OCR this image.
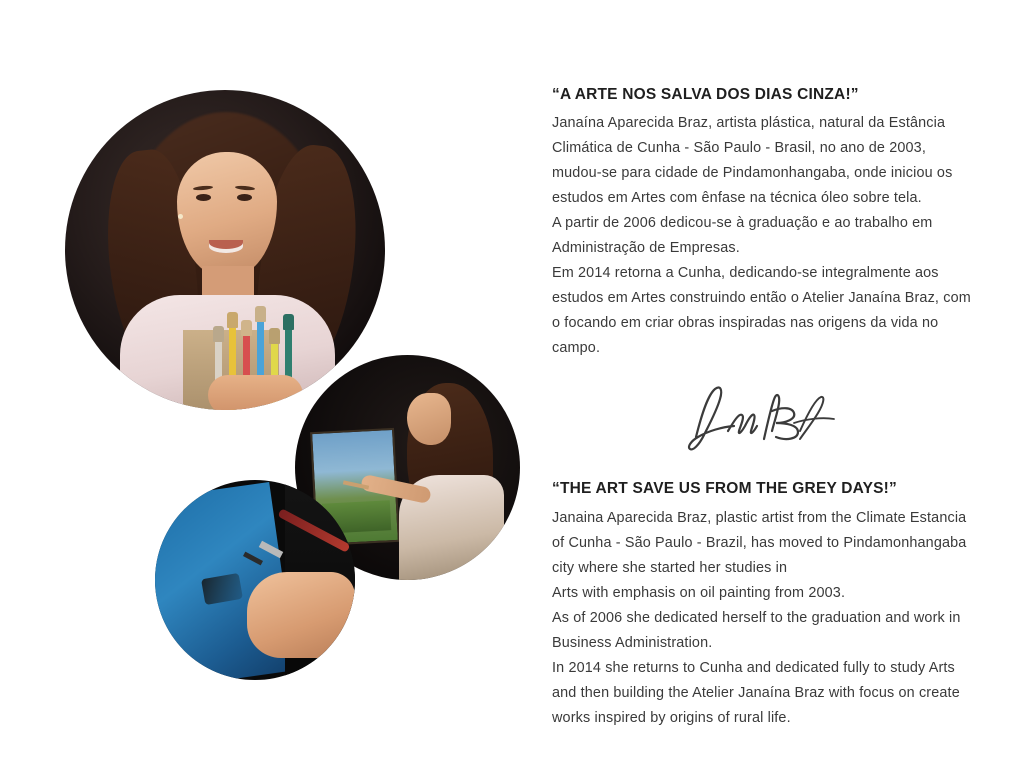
“A ARTE NOS SALVA DOS DIAS CINZA!”

Janaína Aparecida Braz, artista plástica, natural da Estância Climática de Cunha - São Paulo - Brasil, no ano de 2003, mudou-se para cidade de Pindamonhangaba, onde iniciou os estudos em Artes com ênfase na técnica óleo sobre tela.

A partir de 2006 dedicou-se à graduação e ao trabalho em Administração de Empresas.

Em 2014 retorna a Cunha, dedicando-se integralmente aos estudos em Artes construindo então o Atelier Janaína Braz, com o focando em criar obras inspiradas nas origens da vida no campo.

“THE ART SAVE US FROM THE GREY DAYS!”

Janaina Aparecida Braz, plastic artist from the Climate Estancia of Cunha - São Paulo - Brazil, has moved to Pindamonhangaba city where she started her studies in

Arts with emphasis on oil painting from 2003.

As of 2006 she dedicated herself to the graduation and work in Business Administration.

In 2014 she returns to Cunha and dedicated fully to study Arts and then building the Atelier Janaína Braz with focus on create works inspired by origins of rural life.
